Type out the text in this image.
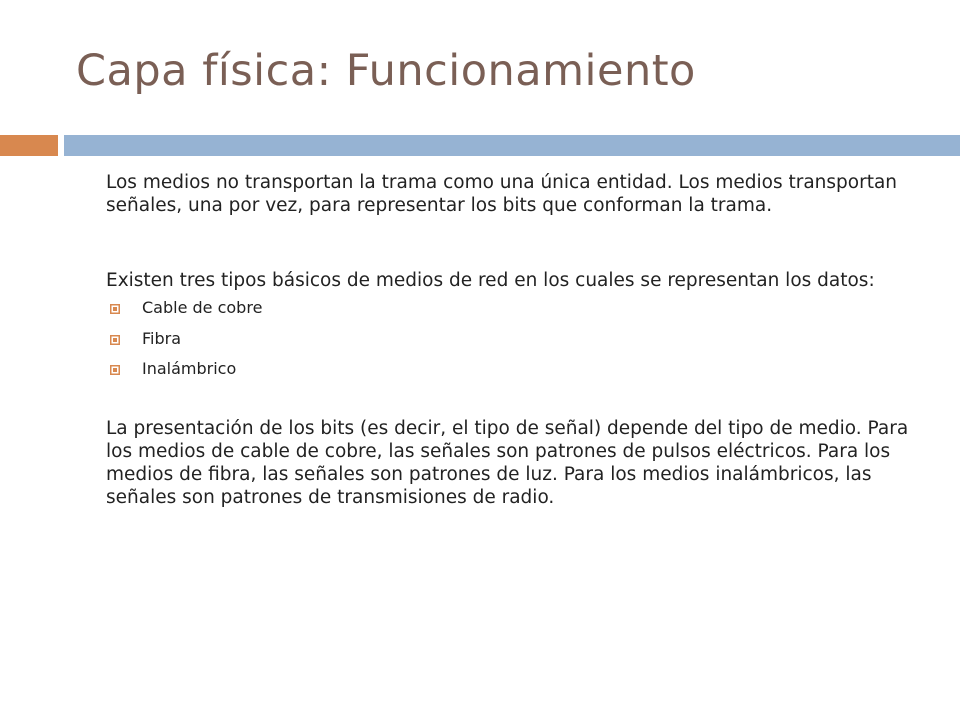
Capa física: Funcionamiento

Los medios no transportan la trama como una única entidad. Los medios transportan señales, una por vez, para representar los bits que conforman la trama.

Existen tres tipos básicos de medios de red en los cuales se representan los datos:

Cable de cobre
Fibra
Inalámbrico

La presentación de los bits (es decir, el tipo de señal) depende del tipo de medio. Para los medios de cable de cobre, las señales son patrones de pulsos eléctricos. Para los medios de fibra, las señales son patrones de luz. Para los medios inalámbricos, las señales son patrones de transmisiones de radio.
